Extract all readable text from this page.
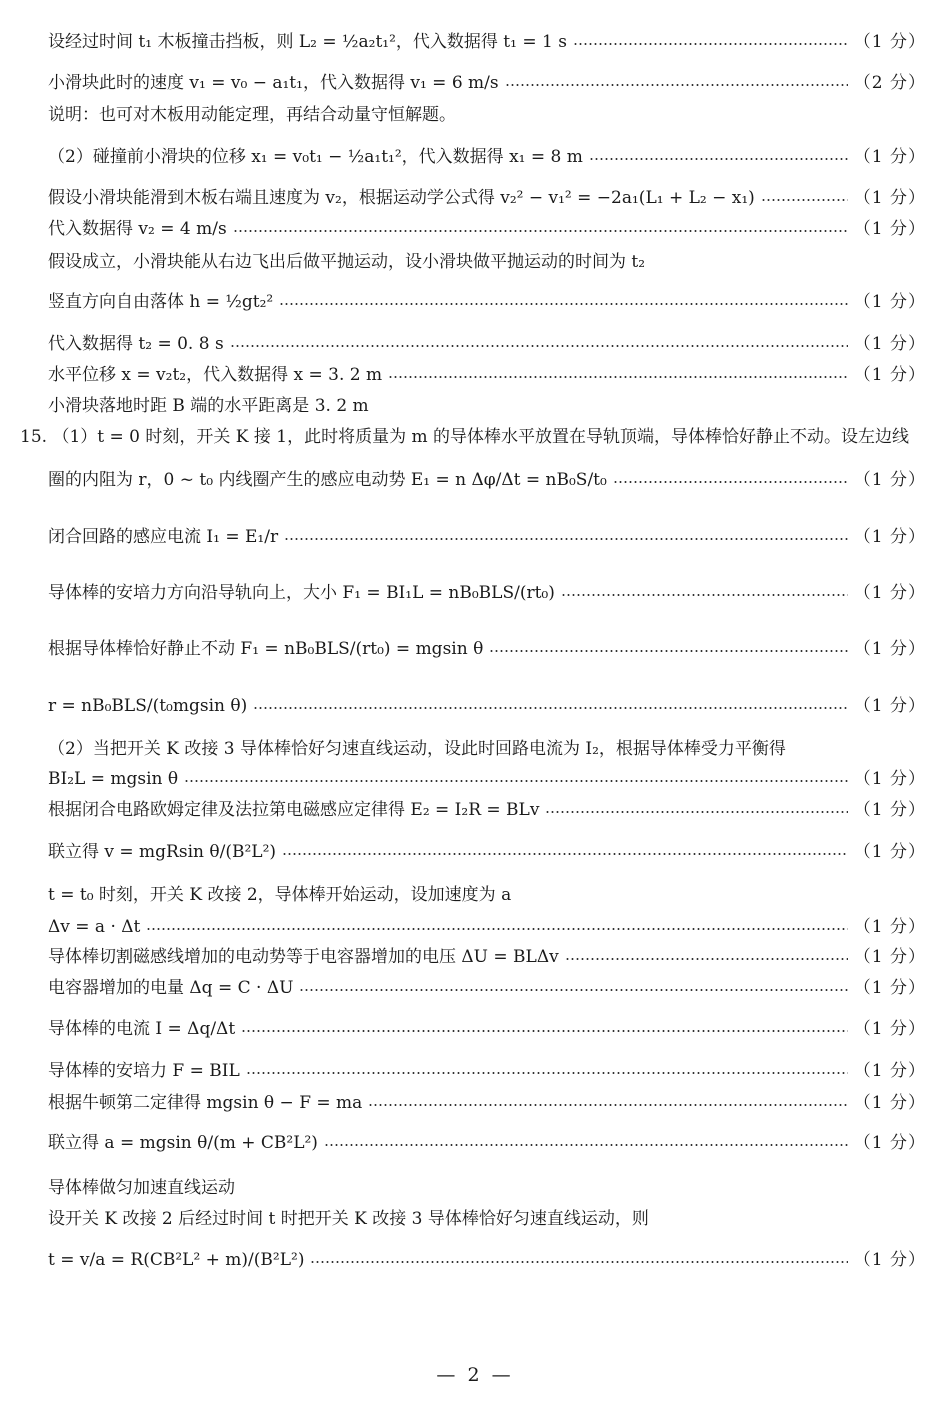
设经过时间 t₁ 木板撞击挡板，则 L₂ = ½a₂t₁²，代入数据得 t₁ = 1 s	（1 分）
小滑块此时的速度 v₁ = v₀ − a₁t₁，代入数据得 v₁ = 6 m/s	（2 分）
说明：也可对木板用动能定理，再结合动量守恒解题。
（2）碰撞前小滑块的位移 x₁ = v₀t₁ − ½a₁t₁²，代入数据得 x₁ = 8 m	（1 分）
假设小滑块能滑到木板右端且速度为 v₂，根据运动学公式得 v₂² − v₁² = −2a₁(L₁ + L₂ − x₁)	（1 分）
代入数据得 v₂ = 4 m/s	（1 分）
假设成立，小滑块能从右边飞出后做平抛运动，设小滑块做平抛运动的时间为 t₂
竖直方向自由落体 h = ½gt₂²	（1 分）
代入数据得 t₂ = 0. 8 s	（1 分）
水平位移 x = v₂t₂，代入数据得 x = 3. 2 m	（1 分）
小滑块落地时距 B 端的水平距离是 3. 2 m
15. （1）t = 0 时刻，开关 K 接 1，此时将质量为 m 的导体棒水平放置在导轨顶端，导体棒恰好静止不动。设左边线
圈的内阻为 r，0 ~ t₀ 内线圈产生的感应电动势 E₁ = n Δφ/Δt = nB₀S/t₀	（1 分）
闭合回路的感应电流 I₁ = E₁/r	（1 分）
导体棒的安培力方向沿导轨向上，大小 F₁ = BI₁L = nB₀BLS/(rt₀)	（1 分）
根据导体棒恰好静止不动 F₁ = nB₀BLS/(rt₀) = mgsin θ	（1 分）
r = nB₀BLS/(t₀mgsin θ)	（1 分）
（2）当把开关 K 改接 3 导体棒恰好匀速直线运动，设此时回路电流为 I₂，根据导体棒受力平衡得
BI₂L = mgsin θ	（1 分）
根据闭合电路欧姆定律及法拉第电磁感应定律得 E₂ = I₂R = BLv	（1 分）
联立得 v = mgRsin θ/(B²L²)	（1 分）
t = t₀ 时刻，开关 K 改接 2，导体棒开始运动，设加速度为 a
Δv = a · Δt	（1 分）
导体棒切割磁感线增加的电动势等于电容器增加的电压 ΔU = BLΔv	（1 分）
电容器增加的电量 Δq = C · ΔU	（1 分）
导体棒的电流 I = Δq/Δt	（1 分）
导体棒的安培力 F = BIL	（1 分）
根据牛顿第二定律得 mgsin θ − F = ma	（1 分）
联立得 a = mgsin θ/(m + CB²L²)	（1 分）
导体棒做匀加速直线运动
设开关 K 改接 2 后经过时间 t 时把开关 K 改接 3 导体棒恰好匀速直线运动，则
t = v/a = R(CB²L² + m)/(B²L²)	（1 分）
— 2 —
